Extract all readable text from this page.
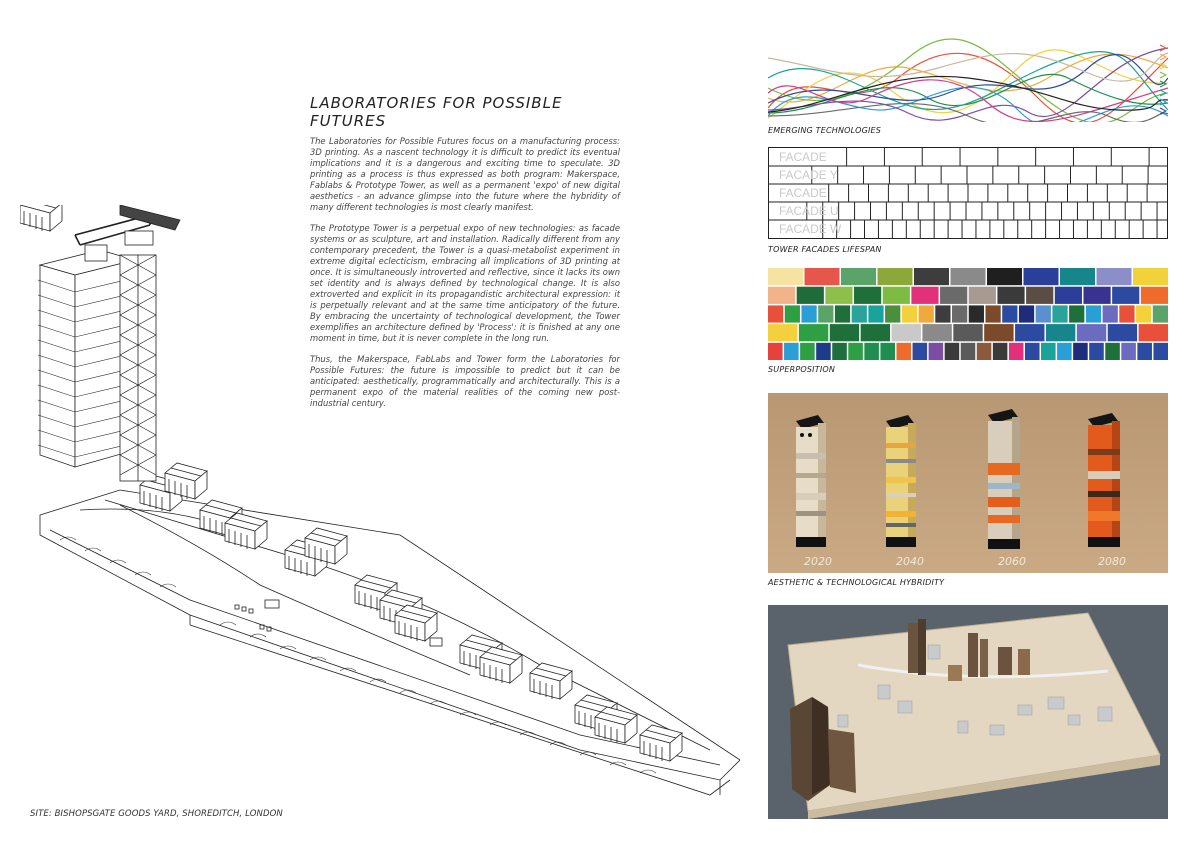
SITE: BISHOPSGATE GOODS YARD, SHOREDITCH, LONDON
LABORATORIES FOR POSSIBLE FUTURES

The Laboratories for Possible Futures focus on a manufacturing process: 3D printing. As a nascent technology it is difficult to predict its eventual implications and it is a dangerous and exciting time to speculate. 3D printing as a process is thus expressed as both program: Makerspace, Fablabs & Prototype Tower, as well as a permanent 'expo' of new digital aesthetics - an advance glimpse into the future where the hybridity of many different technologies is most clearly manifest.

The Prototype Tower is a perpetual expo of new technologies: as facade systems or as sculpture, art and installation. Radically different from any contemporary precedent, the Tower is a quasi-metabolist experiment in extreme digital eclecticism, embracing all implications of 3D printing at once. It is simultaneously introverted and reflective, since it lacks its own set identity and is always defined by technological change. It is also extroverted and explicit in its propagandistic architectural expression: it is perpetually relevant and at the same time anticipatory of the future. By embracing the uncertainty of technological development, the Tower exemplifies an architecture defined by 'Process': it is finished at any one moment in time, but it is never complete in the long run.

Thus, the Makerspace, FabLabs and Tower form the Laboratories for Possible Futures: the future is impossible to predict but it can be anticipated: aesthetically, programmatically and architecturally. This is a permanent expo of the material realities of the coming new post-industrial century.

EMERGING TECHNOLOGIES
FACADE
FACADE Y
FACADE
FACADE U
FACADE W
TOWER FACADES LIFESPAN
SUPERPOSITION
2020	2040	2060	2080
AESTHETIC & TECHNOLOGICAL HYBRIDITY
